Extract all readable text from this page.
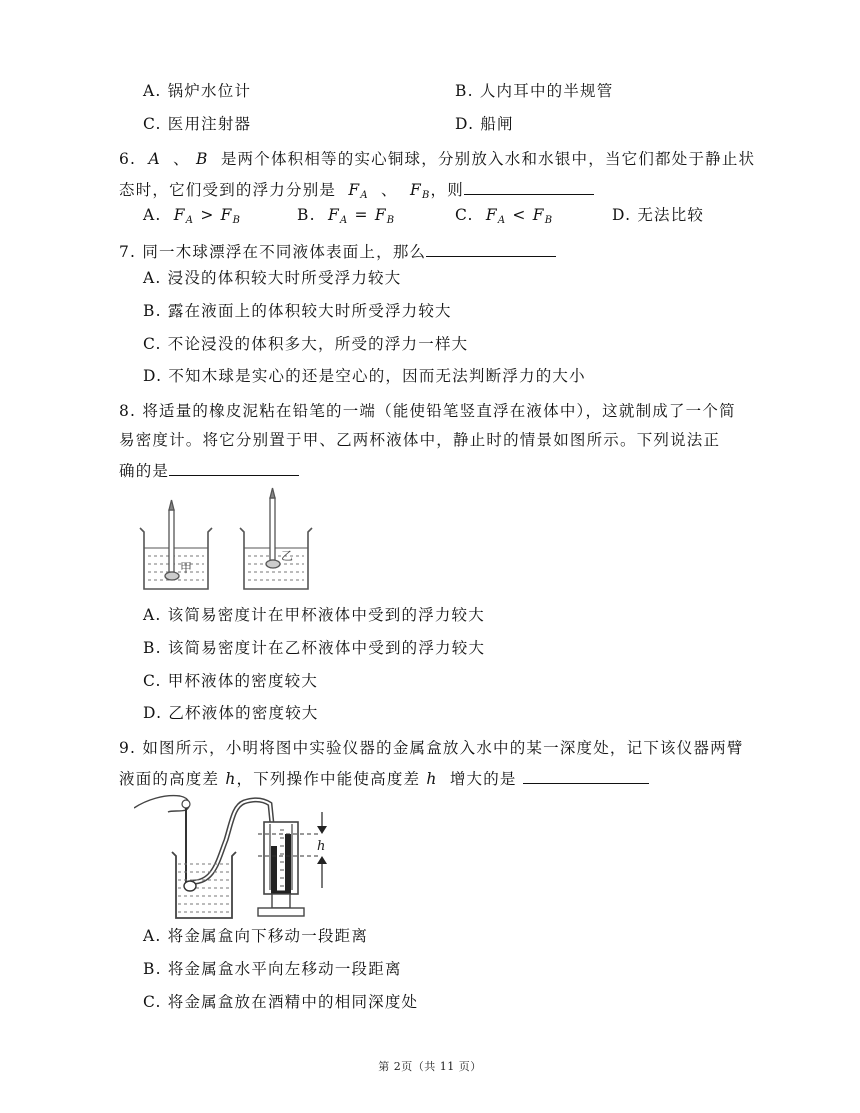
A. 锅炉水位计	B. 人内耳中的半规管
C. 医用注射器	D. 船闸
6. A 、 B 是两个体积相等的实心铜球，分别放入水和水银中，当它们都处于静止状
态时，它们受到的浮力分别是 $F_A$ 、 $F_B$，则
A. $F_A > F_B$	B. $F_A = F_B$	C. $F_A < F_B$	D. 无法比较
7. 同一木球漂浮在不同液体表面上，那么
A. 浸没的体积较大时所受浮力较大
B. 露在液面上的体积较大时所受浮力较大
C. 不论浸没的体积多大，所受的浮力一样大
D. 不知木球是实心的还是空心的，因而无法判断浮力的大小
8. 将适量的橡皮泥粘在铅笔的一端（能使铅笔竖直浮在液体中），这就制成了一个简
易密度计。将它分别置于甲、乙两杯液体中，静止时的情景如图所示。下列说法正
确的是
甲
乙
A. 该简易密度计在甲杯液体中受到的浮力较大
B. 该简易密度计在乙杯液体中受到的浮力较大
C. 甲杯液体的密度较大
D. 乙杯液体的密度较大
9. 如图所示，小明将图中实验仪器的金属盒放入水中的某一深度处，记下该仪器两臂
液面的高度差 h，下列操作中能使高度差 h 增大的是
h
A. 将金属盒向下移动一段距离
B. 将金属盒水平向左移动一段距离
C. 将金属盒放在酒精中的相同深度处
第 2页（共 11 页）
